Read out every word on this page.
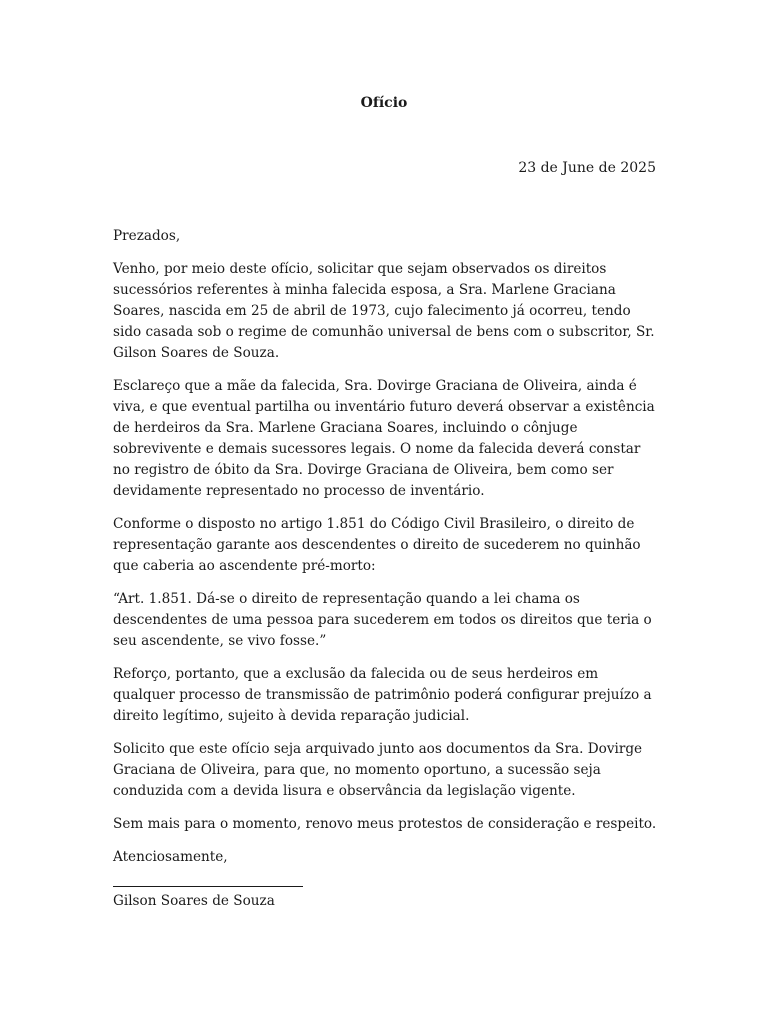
Ofício
23 de June de 2025

Prezados,

Venho, por meio deste ofício, solicitar que sejam observados os direitos sucessórios referentes à minha falecida esposa, a Sra. Marlene Graciana Soares, nascida em 25 de abril de 1973, cujo falecimento já ocorreu, tendo sido casada sob o regime de comunhão universal de bens com o subscritor, Sr. Gilson Soares de Souza.

Esclareço que a mãe da falecida, Sra. Dovirge Graciana de Oliveira, ainda é viva, e que eventual partilha ou inventário futuro deverá observar a existência de herdeiros da Sra. Marlene Graciana Soares, incluindo o cônjuge sobrevivente e demais sucessores legais. O nome da falecida deverá constar no registro de óbito da Sra. Dovirge Graciana de Oliveira, bem como ser devidamente representado no processo de inventário.

Conforme o disposto no artigo 1.851 do Código Civil Brasileiro, o direito de representação garante aos descendentes o direito de sucederem no quinhão que caberia ao ascendente pré-morto:

“Art. 1.851. Dá-se o direito de representação quando a lei chama os descendentes de uma pessoa para sucederem em todos os direitos que teria o seu ascendente, se vivo fosse.”

Reforço, portanto, que a exclusão da falecida ou de seus herdeiros em qualquer processo de transmissão de patrimônio poderá configurar prejuízo a direito legítimo, sujeito à devida reparação judicial.

Solicito que este ofício seja arquivado junto aos documentos da Sra. Dovirge Graciana de Oliveira, para que, no momento oportuno, a sucessão seja conduzida com a devida lisura e observância da legislação vigente.

Sem mais para o momento, renovo meus protestos de consideração e respeito.

Atenciosamente,

Gilson Soares de Souza
